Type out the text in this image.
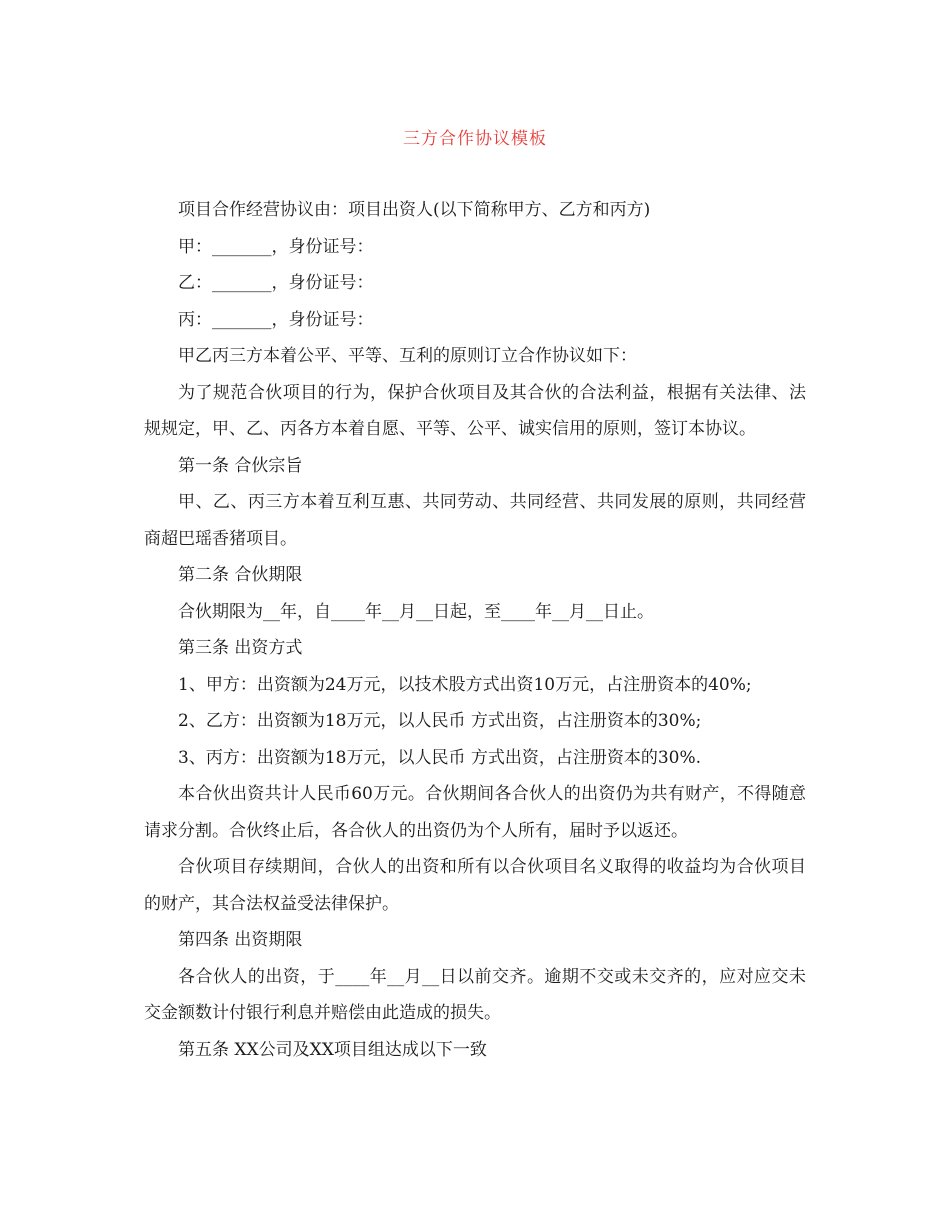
三方合作协议模板

项目合作经营协议由：项目出资人(以下简称甲方、乙方和丙方)

甲：_______，身份证号：

乙：_______，身份证号：

丙：_______，身份证号：

甲乙丙三方本着公平、平等、互利的原则订立合作协议如下：

为了规范合伙项目的行为，保护合伙项目及其合伙的合法利益，根据有关法律、法规规定，甲、乙、丙各方本着自愿、平等、公平、诚实信用的原则，签订本协议。

第一条 合伙宗旨

甲、乙、丙三方本着互利互惠、共同劳动、共同经营、共同发展的原则，共同经营商超巴瑶香猪项目。

第二条 合伙期限

合伙期限为__年，自____年__月__日起，至____年__月__日止。

第三条 出资方式

1、甲方：出资额为24万元，以技术股方式出资10万元，占注册资本的40%;

2、乙方：出资额为18万元，以人民币 方式出资，占注册资本的30%;

3、丙方：出资额为18万元，以人民币 方式出资，占注册资本的30%.

本合伙出资共计人民币60万元。合伙期间各合伙人的出资仍为共有财产，不得随意请求分割。合伙终止后，各合伙人的出资仍为个人所有，届时予以返还。

合伙项目存续期间，合伙人的出资和所有以合伙项目名义取得的收益均为合伙项目的财产，其合法权益受法律保护。

第四条 出资期限

各合伙人的出资，于____年__月__日以前交齐。逾期不交或未交齐的，应对应交未交金额数计付银行利息并赔偿由此造成的损失。

第五条 XX公司及XX项目组达成以下一致
